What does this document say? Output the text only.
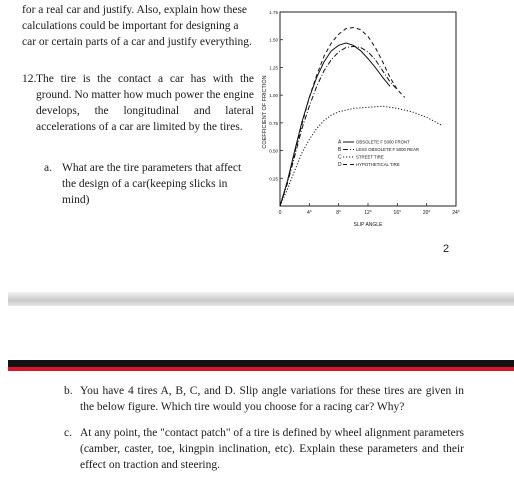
for a real car and justify. Also, explain how these calculations could be important for designing a car or certain parts of a car and justify everything.
12. The tire is the contact a car has with the ground. No matter how much power the engine develops, the longitudinal and lateral accelerations of a car are limited by the tires.
a. What are the tire parameters that affect the design of a car(keeping slicks in mind)
0.25
0.50
0.75
1.00
1.25
1.50
1.75
0	4°	8°	12°	16°	20°	24°
A	OBSOLETE F 5000 FRONT
B	LESS OBSOLETE F 5000 REAR
C	STREET TIRE
D	HYPOTHETICAL TIRE
SLIP ANGLE
COEFFICIENT OF FRICTION
2
b. You have 4 tires A, B, C, and D. Slip angle variations for these tires are given in the below figure. Which tire would you choose for a racing car? Why?
c. At any point, the "contact patch" of a tire is defined by wheel alignment parameters (camber, caster, toe, kingpin inclination, etc). Explain these parameters and their effect on traction and steering.
